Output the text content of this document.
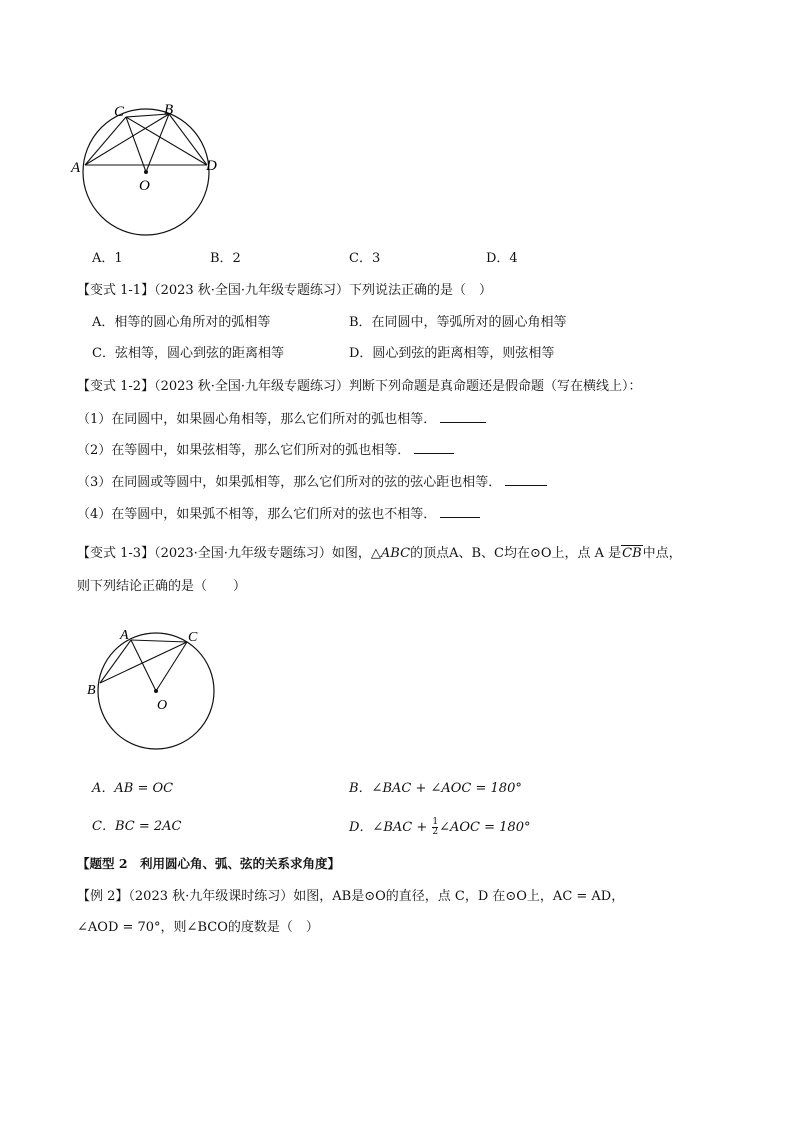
C	B
A	D
O
A．1	B．2	C．3	D．4
【变式 1-1】（2023 秋·全国·九年级专题练习）下列说法正确的是（　）
A．相等的圆心角所对的弧相等	B．在同圆中，等弧所对的圆心角相等
C．弦相等，圆心到弦的距离相等	D．圆心到弦的距离相等，则弦相等
【变式 1-2】（2023 秋·全国·九年级专题练习）判断下列命题是真命题还是假命题（写在横线上）：
（1）在同圆中，如果圆心角相等，那么它们所对的弧也相等．
（2）在等圆中，如果弦相等，那么它们所对的弧也相等．
（3）在同圆或等圆中，如果弧相等，那么它们所对的弦的弦心距也相等．
（4）在等圆中，如果弧不相等，那么它们所对的弦也不相等．
【变式 1-3】（2023·全国·九年级专题练习）如图，△ABC的顶点A、B、C均在⊙O上，点 A 是CB中点，
则下列结论正确的是（　　）
A	C
B
O
A．AB = OC	B．∠BAC + ∠AOC = 180°
C．BC = 2AC	D．∠BAC + $\frac{1}{2}$ ∠AOC = 180°
【题型 2　利用圆心角、弧、弦的关系求角度】
【例 2】（2023 秋·九年级课时练习）如图，AB是⊙O的直径，点 C，D 在⊙O上，AC = AD，
∠AOD = 70°，则∠BCO的度数是（　）
